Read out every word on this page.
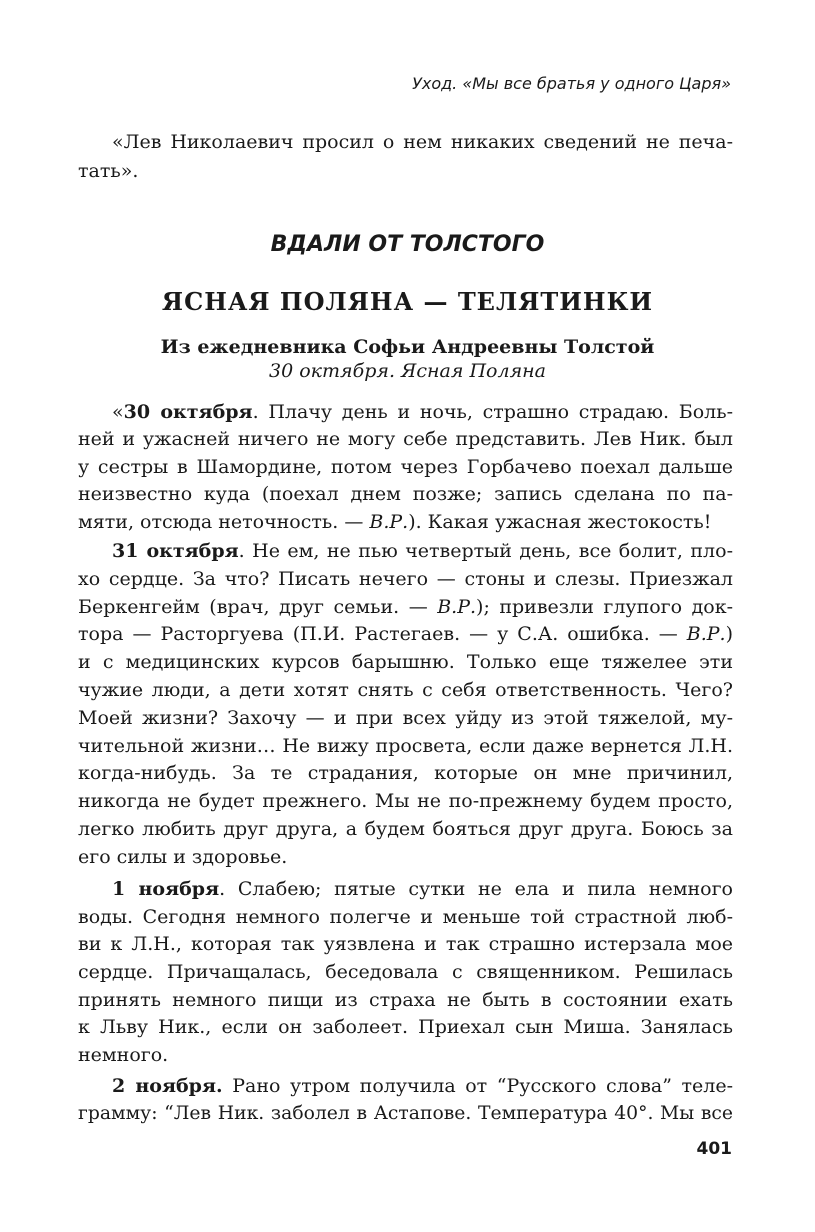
Уход. «Мы все братья у одного Царя»
«Лев Николаевич просил о нем никаких сведений не печа-
тать».
ВДАЛИ ОТ ТОЛСТОГО
ЯСНАЯ ПОЛЯНА — ТЕЛЯТИНКИ
Из ежедневника Софьи Андреевны Толстой
30 октября. Ясная Поляна
«30 октября. Плачу день и ночь, страшно страдаю. Боль-
ней и ужасней ничего не могу себе представить. Лев Ник. был
у сестры в Шамордине, потом через Горбачево поехал дальше
неизвестно куда (поехал днем позже; запись сделана по па-
мяти, отсюда неточность. — В.Р.). Какая ужасная жестокость!
31 октября. Не ем, не пью четвертый день, все болит, пло-
хо сердце. За что? Писать нечего — стоны и слезы. Приезжал
Беркенгейм (врач, друг семьи. — В.Р.); привезли глупого док-
тора — Расторгуева (П.И. Растегаев. — у С.А. ошибка. — В.Р.)
и с медицинских курсов барышню. Только еще тяжелее эти
чужие люди, а дети хотят снять с себя ответственность. Чего?
Моей жизни? Захочу — и при всех уйду из этой тяжелой, му-
чительной жизни… Не вижу просвета, если даже вернется Л.Н.
когда-нибудь. За те страдания, которые он мне причинил,
никогда не будет прежнего. Мы не по-прежнему будем просто,
легко любить друг друга, а будем бояться друг друга. Боюсь за
его силы и здоровье.
1 ноября. Слабею; пятые сутки не ела и пила немного
воды. Сегодня немного полегче и меньше той страстной люб-
ви к Л.Н., которая так уязвлена и так страшно истерзала мое
сердце. Причащалась, беседовала с священником. Решилась
принять немного пищи из страха не быть в состоянии ехать
к Льву Ник., если он заболеет. Приехал сын Миша. Занялась
немного.
2 ноября. Рано утром получила от “Русского слова” теле-
грамму: “Лев Ник. заболел в Астапове. Температура 40°. Мы все
401
